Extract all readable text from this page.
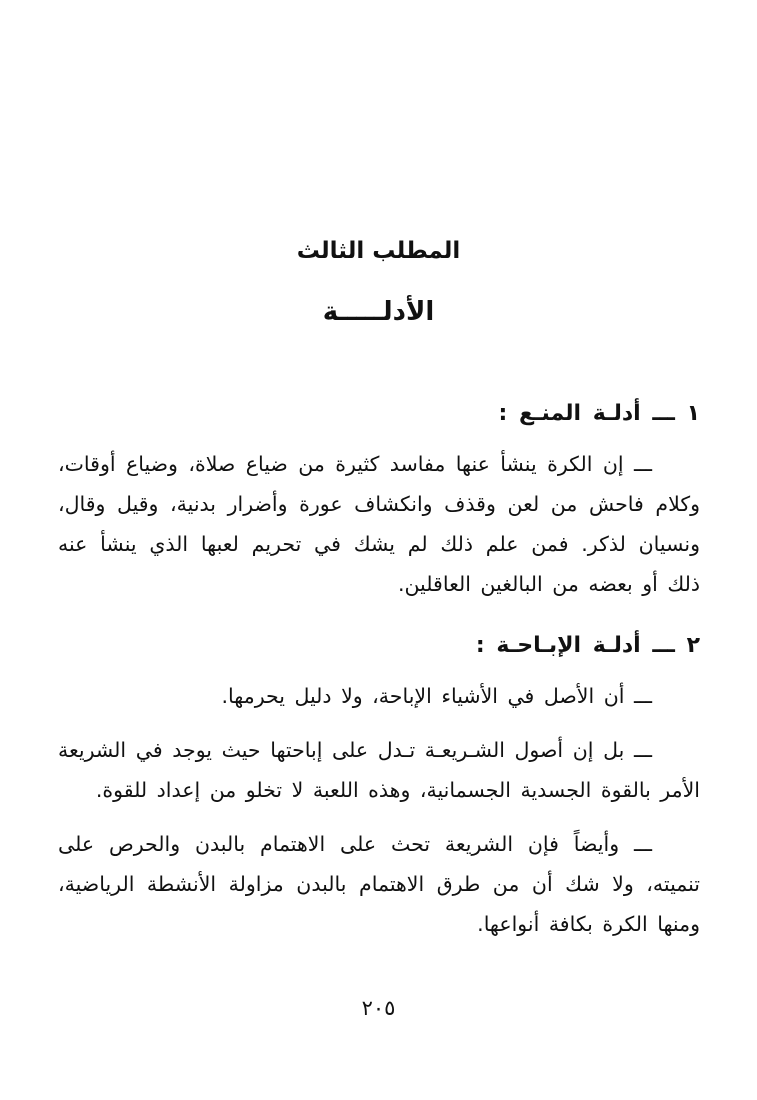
المطلب الثالث
الأدلـــــة
١ ـــ أدلـة المنـع :

ـــ إن الكرة ينشأ عنها مفاسد كثيرة من ضياع صلاة، وضياع أوقات، وكلام فاحش من لعن وقذف وانكشاف عورة وأضرار بدنية، وقيل وقال، ونسيان لذكر. فمن علم ذلك لم يشك في تحريم لعبها الذي ينشأ عنه ذلك أو بعضه من البالغين العاقلين.

٢ ـــ أدلـة الإبـاحـة :

ـــ أن الأصل في الأشياء الإباحة، ولا دليل يحرمها.

ـــ بل إن أصول الشـريعـة تـدل على إباحتها حيث يوجد في الشريعة الأمر بالقوة الجسدية الجسمانية، وهذه اللعبة لا تخلو من إعداد للقوة.

ـــ وأيضاً فإن الشريعة تحث على الاهتمام بالبدن والحرص على تنميته، ولا شك أن من طرق الاهتمام بالبدن مزاولة الأنشطة الرياضية، ومنها الكرة بكافة أنواعها.

٢٠٥
